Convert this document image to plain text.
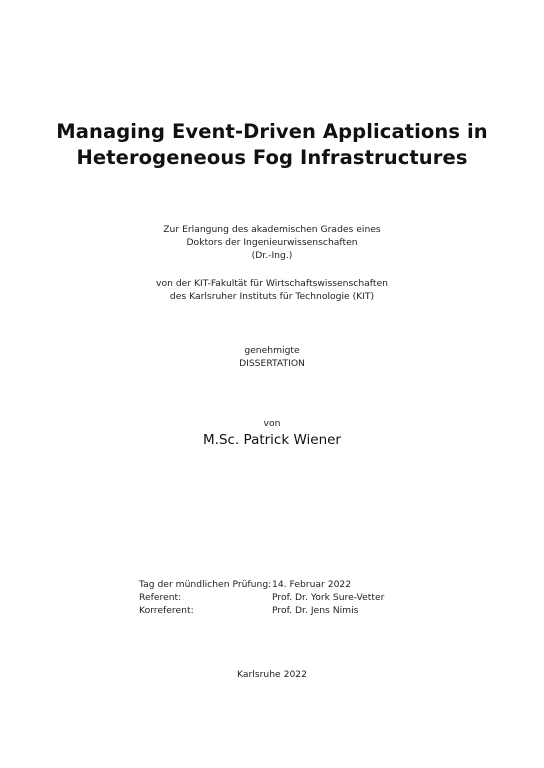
Managing Event-Driven Applications in
Heterogeneous Fog Infrastructures
Zur Erlangung des akademischen Grades eines
Doktors der Ingenieurwissenschaften
(Dr.-Ing.)
von der KIT-Fakultät für Wirtschaftswissenschaften
des Karlsruher Instituts für Technologie (KIT)
genehmigte
DISSERTATION
von
M.Sc. Patrick Wiener
Tag der mündlichen Prüfung: 14. Februar 2022
Referent:	Prof. Dr. York Sure-Vetter
Korreferent:	Prof. Dr. Jens Nimis
Karlsruhe 2022
